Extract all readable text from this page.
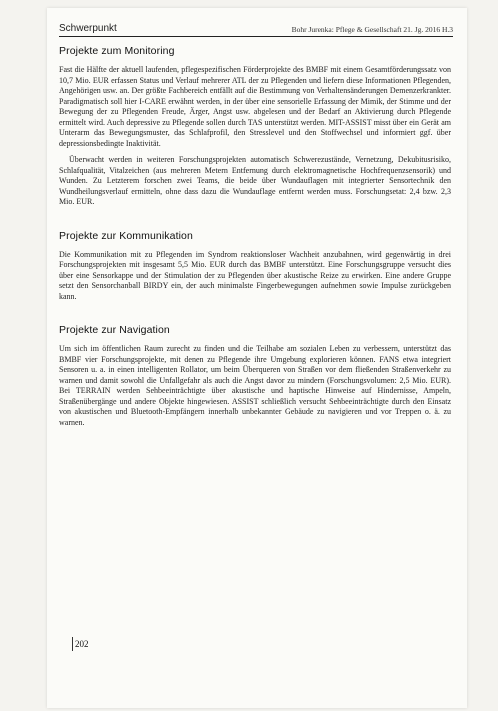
Schwerpunkt	Bohr Jurenka: Pflege & Gesellschaft 21. Jg. 2016 H.3
Projekte zum Monitoring

Fast die Hälfte der aktuell laufenden, pflegespezifischen Förderprojekte des BMBF mit einem Gesamtförderungssatz von 10,7 Mio. EUR erfassen Status und Verlauf mehrerer ATL der zu Pflegenden und liefern diese Informationen Pflegenden, Angehörigen usw. an. Der größte Fachbereich entfällt auf die Bestimmung von Verhaltensänderungen Demenzerkrankter. Paradigmatisch soll hier I-CARE erwähnt werden, in der über eine sensorielle Erfassung der Mimik, der Stimme und der Bewegung der zu Pflegenden Freude, Ärger, Angst usw. abgelesen und der Bedarf an Aktivierung durch Pflegende ermittelt wird. Auch depressive zu Pflegende sollen durch TAS unterstützt werden. MIT-ASSIST misst über ein Gerät am Unterarm das Bewegungsmuster, das Schlafprofil, den Stresslevel und den Stoffwechsel und informiert ggf. über depressionsbedingte Inaktivität.

Überwacht werden in weiteren Forschungsprojekten automatisch Schwerezustände, Vernetzung, Dekubitusrisiko, Schlafqualität, Vitalzeichen (aus mehreren Metern Entfernung durch elektromagnetische Hochfrequenzsensorik) und Wunden. Zu Letzterem forschen zwei Teams, die beide über Wundauflagen mit integrierter Sensortechnik den Wundheilungsverlauf ermitteln, ohne dass dazu die Wundauflage entfernt werden muss. Forschungsetat: 2,4 bzw. 2,3 Mio. EUR.

Projekte zur Kommunikation

Die Kommunikation mit zu Pflegenden im Syndrom reaktionsloser Wachheit anzubahnen, wird gegenwärtig in drei Forschungsprojekten mit insgesamt 5,5 Mio. EUR durch das BMBF unterstützt. Eine Forschungsgruppe versucht dies über eine Sensorkappe und der Stimulation der zu Pflegenden über akustische Reize zu erwirken. Eine andere Gruppe setzt den Sensorchanball BIRDY ein, der auch minimalste Fingerbewegungen aufnehmen sowie Impulse zurückgeben kann.

Projekte zur Navigation

Um sich im öffentlichen Raum zurecht zu finden und die Teilhabe am sozialen Leben zu verbessern, unterstützt das BMBF vier Forschungsprojekte, mit denen zu Pflegende ihre Umgebung explorieren können. FANS etwa integriert Sensoren u. a. in einen intelligenten Rollator, um beim Überqueren von Straßen vor dem fließenden Straßenverkehr zu warnen und damit sowohl die Unfallgefahr als auch die Angst davor zu mindern (Forschungsvolumen: 2,5 Mio. EUR). Bei TERRAIN werden Sehbeeinträchtigte über akustische und haptische Hinweise auf Hindernisse, Ampeln, Straßenübergänge und andere Objekte hingewiesen. ASSIST schließlich versucht Sehbeeinträchtigte durch den Einsatz von akustischen und Bluetooth-Empfängern innerhalb unbekannter Gebäude zu navigieren und vor Treppen o. ä. zu warnen.

202
